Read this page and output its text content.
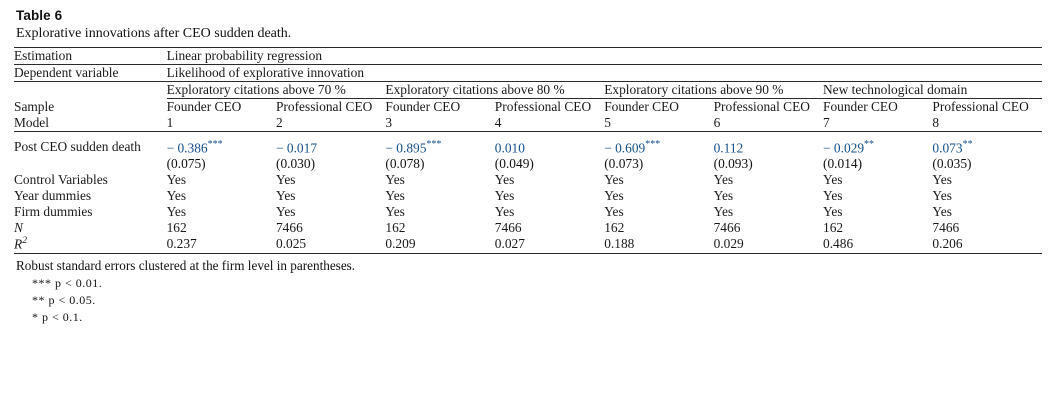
Table 6
Explorative innovations after CEO sudden death.
Estimation	Linear probability regression							
Dependent variable	Likelihood of explorative innovation							
	Exploratory citations above 70 %		Exploratory citations above 80 %		Exploratory citations above 90 %		New technological domain	
Sample	Founder CEO	Professional CEO	Founder CEO	Professional CEO	Founder CEO	Professional CEO	Founder CEO	Professional CEO
Model	1	2	3	4	5	6	7	8
Post CEO sudden death	− 0.386***	− 0.017	− 0.895***	0.010	− 0.609***	0.112	− 0.029**	0.073**
	(0.075)	(0.030)	(0.078)	(0.049)	(0.073)	(0.093)	(0.014)	(0.035)
Control Variables	Yes	Yes	Yes	Yes	Yes	Yes	Yes	Yes
Year dummies	Yes	Yes	Yes	Yes	Yes	Yes	Yes	Yes
Firm dummies	Yes	Yes	Yes	Yes	Yes	Yes	Yes	Yes
N	162	7466	162	7466	162	7466	162	7466
$R^2$	0.237	0.025	0.209	0.027	0.188	0.029	0.486	0.206
Robust standard errors clustered at the firm level in parentheses.
*** p < 0.01.
** p < 0.05.
* p < 0.1.
